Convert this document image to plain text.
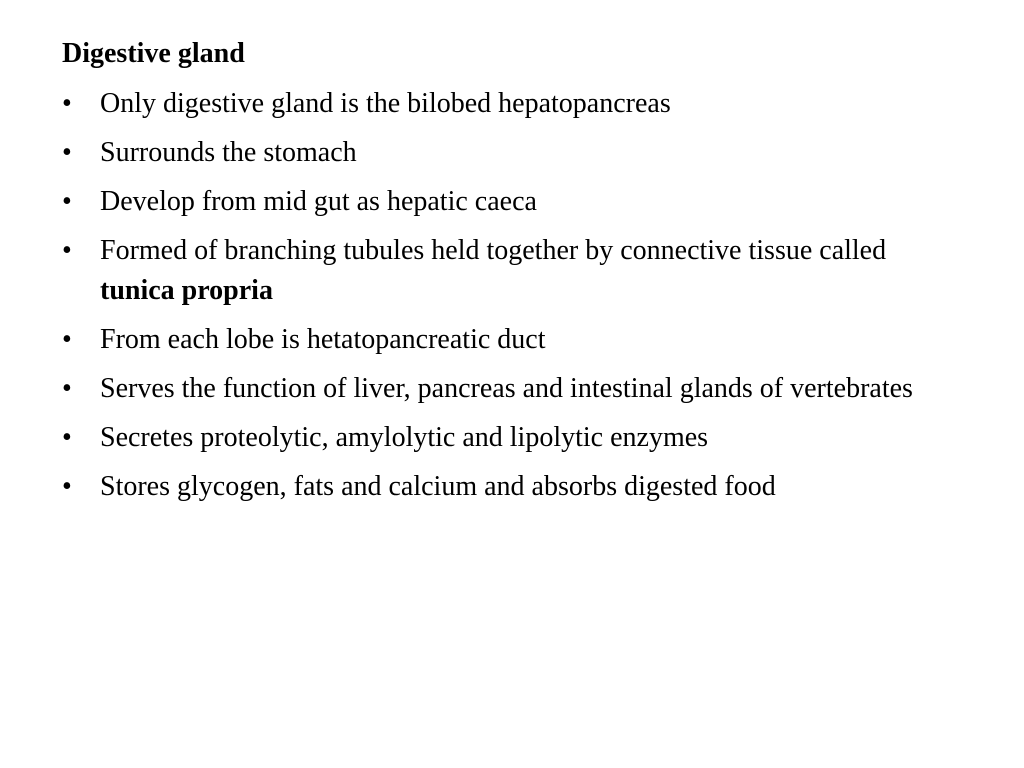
Digestive gland
•	Only digestive gland is the bilobed hepatopancreas
•	Surrounds the stomach
•	Develop from mid gut as hepatic caeca
•	Formed of branching tubules held together by connective tissue called tunica propria
•	From each lobe is hetatopancreatic duct
•	Serves the function of liver, pancreas and intestinal glands of vertebrates
•	Secretes proteolytic, amylolytic and lipolytic enzymes
•	Stores glycogen, fats and calcium and absorbs digested food
